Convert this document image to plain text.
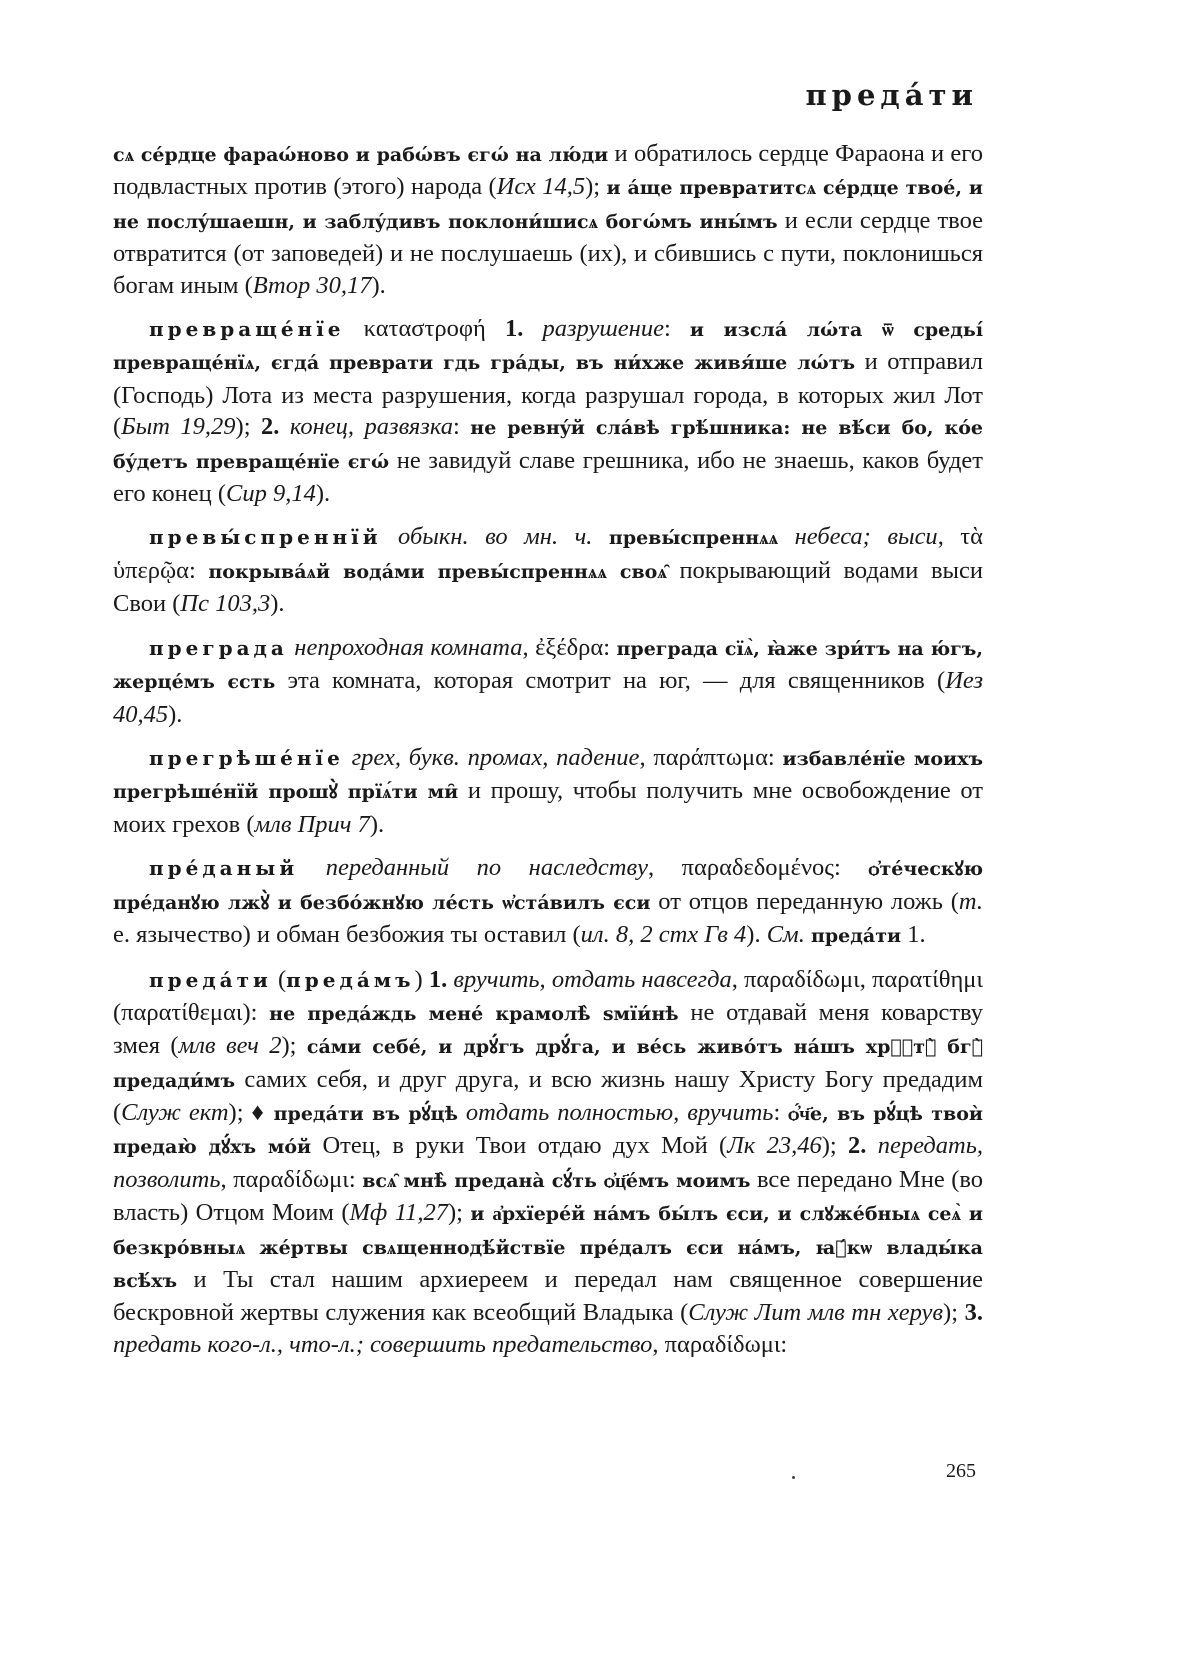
предáти

сѧ сéрдце фараώново и рабώвъ єгώ на лю́ди и обратилось сердце Фараона и его подвластных против (этого) народа (Исх 14,5); и а́ще превратитсѧ сéрдце твоé, и не послýшаешн, и заблýдивъ поклони́шисѧ богώмъ ины́мъ и если сердце твое отвратится (от заповедей) и не послушаешь (их), и сбившись с пути, поклонишься богам иным (Втор 30,17).

превращéнїе καταστροφή 1. разрушение: и изслá лώта ѿ средьі́ превращéнїѧ, єгдá преврати гдь грáды, въ ни́хже живя́ше лώтъ и отправил (Господь) Лота из места разрушения, когда разрушал города, в которых жил Лот (Быт 19,29); 2. конец, развязка: не ревнýй слáвѣ грѣ́шника: не вѣ́си бо, кóе бýдетъ превращéнїе єгώ не завидуй славе грешника, ибо не знаешь, каков будет его конец (Сир 9,14).

превы́спреннїй обыкн. во мн. ч. превы́спреннѧѧ небеса; выси, τὰ ὑπερῷα: покрывáѧй водáми превы́спреннѧѧ своѧ̑ покрывающий водами выси Свои (Пс 103,3).

преграда непроходная комната, ἐξέδρα: преграда сїѧ̀, ꙗ̀же зри́тъ на ю́гъ, жерцéмъ єсть эта комната, которая смотрит на юг, — для священников (Иез 40,45).

прегрѣшéнїе грех, букв. промах, падение, παράπτωμα: избавлéнїе моихъ прегрѣшéнїй прошꙋ̀ прїѧ́ти ми̑ и прошу, чтобы получить мне освобождение от моих грехов (млв Прич 7).

прéданый переданный по наследству, παραδεδομένος: ѻ҆тéческꙋю прéданꙋю лжꙋ̀ и безбóжнꙋю лéсть ѡ҆стáвилъ єси от отцов переданную ложь (т. е. язычество) и обман безбожия ты оставил (ил. 8, 2 стх Гв 4). См. предáти 1.

предáти (предáмъ) 1. вручить, отдать навсегда, παραδίδωμι, παρατίθημι (παρατίθεμαι): не предáждь менé крамолѣ̀ ѕмїи́нѣ не отдавай меня коварству змея (млв веч 2); сáми себé, и дрꙋ́гъ дрꙋ́га, и вéсь живóтъ нáшъ хрⷭ҇тꙋ̀ бгꙋ̀ предади́мъ самих себя, и друг друга, и всю жизнь нашу Христу Богу предадим (Служ ект); ♦ предáти въ рꙋ́цѣ отдать полностью, вручить: ѻ҆́ч҃е, въ рꙋ́цѣ твоѝ предаю̀ дꙋ́хъ мóй Отец, в руки Твои отдаю дух Мой (Лк 23,46); 2. передать, позволить, παραδίδωμι: всѧ̑ мнѣ̀ преданà сꙋ́ть ѻ҆ц҃éмъ моимъ все передано Мне (во власть) Отцом Моим (Мф 11,27); и а҆рхїерéй нáмъ бы́лъ єси, и слꙋжéбныѧ сеѧ̀ и безкрóвныѧ жéртвы свѧщеннодѣ́йствїе прéдалъ єси нáмъ, ꙗ҆́кѡ влады́ка всѣ́хъ и Ты стал нашим архиереем и передал нам священное совершение бескровной жертвы служения как всеобщий Владыка (Служ Лит млв тн херув); 3. предать кого-л., что-л.; совершить предательство, παραδίδωμι:

265
